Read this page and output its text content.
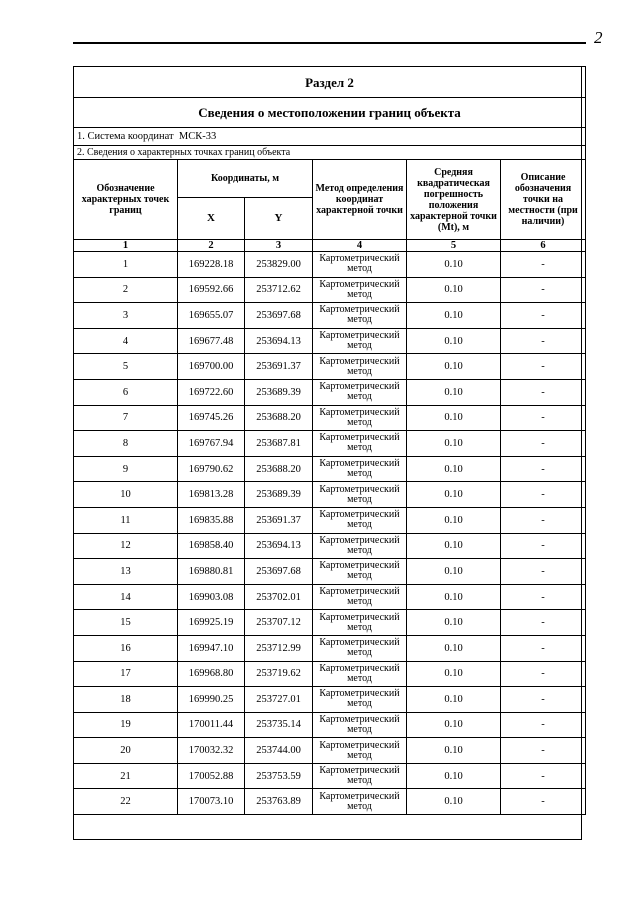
2
Раздел 2					
Сведения о местоположении границ объекта					
1. Система координат МСК-33					
2. Сведения о характерных точках границ объекта					
Обозначение характерных точек границ	Координаты, м		Метод определения координат характерной точки	Средняя квадратическая погрешность положения характерной точки (Мt), м	Описание обозначения точки на местности (при наличии)
	X	Y			
1	2	3	4	5	6
1	169228.18	253829.00	Картометрический метод	0.10	-
2	169592.66	253712.62	Картометрический метод	0.10	-
3	169655.07	253697.68	Картометрический метод	0.10	-
4	169677.48	253694.13	Картометрический метод	0.10	-
5	169700.00	253691.37	Картометрический метод	0.10	-
6	169722.60	253689.39	Картометрический метод	0.10	-
7	169745.26	253688.20	Картометрический метод	0.10	-
8	169767.94	253687.81	Картометрический метод	0.10	-
9	169790.62	253688.20	Картометрический метод	0.10	-
10	169813.28	253689.39	Картометрический метод	0.10	-
11	169835.88	253691.37	Картометрический метод	0.10	-
12	169858.40	253694.13	Картометрический метод	0.10	-
13	169880.81	253697.68	Картометрический метод	0.10	-
14	169903.08	253702.01	Картометрический метод	0.10	-
15	169925.19	253707.12	Картометрический метод	0.10	-
16	169947.10	253712.99	Картометрический метод	0.10	-
17	169968.80	253719.62	Картометрический метод	0.10	-
18	169990.25	253727.01	Картометрический метод	0.10	-
19	170011.44	253735.14	Картометрический метод	0.10	-
20	170032.32	253744.00	Картометрический метод	0.10	-
21	170052.88	253753.59	Картометрический метод	0.10	-
22	170073.10	253763.89	Картометрический метод	0.10	-
